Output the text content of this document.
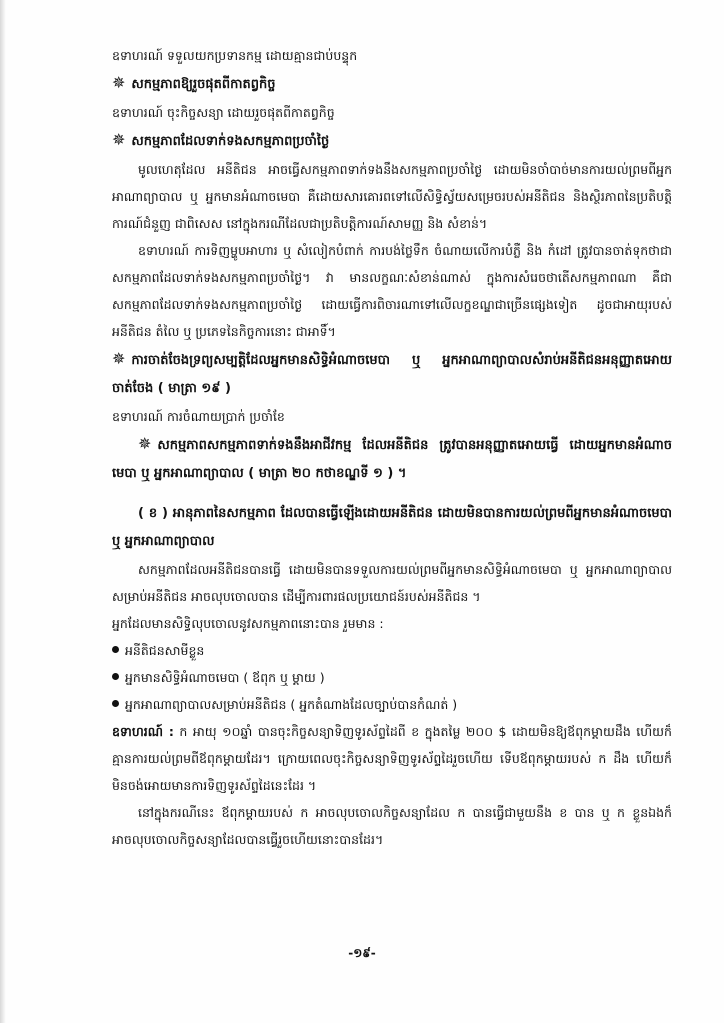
ឧទាហរណ៍ ទទួលយកប្រទានកម្ម ដោយគ្មានជាប់បន្ទុក

✵ សកម្មភាពឱ្យរួចផុតពីកាតព្វកិច្ច

ឧទាហរណ៍ ចុះកិច្ចសន្យា ដោយរួចផុតពីកាតព្វកិច្ច

✵ សកម្មភាពដែលទាក់ទងសកម្មភាពប្រចាំថ្ងៃ

មូលហេតុដែល អនីតិជន អាចធ្វើសកម្មភាពទាក់ទងនឹងសកម្មភាពប្រចាំថ្ងៃ ដោយមិនចាំបាច់មានការយល់ព្រមពីអ្នកអាណាព្យាបាល ឬ អ្នកមានអំណាចមេបា គឺដោយសារគោរពទៅលើសិទ្ធិស្វ័យសម្រេចរបស់អនីតិជន និងស្ថិរភាពនៃប្រតិបត្តិការណ៍ជំនួញ ជាពិសេស នៅក្នុងករណីដែលជាប្រតិបត្តិការណ៍សាមញ្ញ និង សំខាន់។

ឧទាហរណ៍ ការទិញម្ហូបអាហារ ឬ សំលៀកបំពាក់ ការបង់ថ្លៃទឹក ចំណាយលើការបំភ្លឺ និង កំដៅ ត្រូវបានចាត់ទុកថាជា សកម្មភាពដែលទាក់ទងសកម្មភាពប្រចាំថ្ងៃ។ វា មានលក្ខណៈសំខាន់ណាស់ ក្នុងការសំរេចថាតើសកម្មភាពណា គឺជាសកម្មភាពដែលទាក់ទងសកម្មភាពប្រចាំថ្ងៃ ដោយធ្វើការពិចារណាទៅលើលក្ខខណ្ឌជាច្រើនផ្សេងទៀត ដូចជាអាយុរបស់អនីតិជន តំលៃ ឬ ប្រភេទនៃកិច្ចការនោះ ជាអាទិ៍។

✵ ការចាត់ចែងទ្រព្យសម្បត្តិដែលអ្នកមានសិទ្ធិអំណាចមេបា ឬ អ្នកអាណាព្យាបាលសំរាប់អនីតិជនអនុញ្ញាតអោយចាត់ចែង ( មាត្រា ១៩ )

ឧទាហរណ៍ ការចំណាយប្រាក់ ប្រចាំខែ

✵ សកម្មភាពសកម្មភាពទាក់ទងនឹងអាជីវកម្ម ដែលអនីតិជន ត្រូវបានអនុញ្ញាតអោយធ្វើ ដោយអ្នកមានអំណាចមេបា ឬ អ្នកអាណាព្យាបាល ( មាត្រា ២០ កថាខណ្ឌទី ១ ) ។
( ខ ) អានុភាពនៃសកម្មភាព ដែលបានធ្វើឡើងដោយអនីតិជន ដោយមិនបានការយល់ព្រមពីអ្នកមានអំណាចមេបា ឬ អ្នកអាណាព្យាបាល

សកម្មភាពដែលអនីតិជនបានធ្វើ ដោយមិនបានទទួលការយល់ព្រមពីអ្នកមានសិទ្ធិអំណាចមេបា ឬ អ្នកអាណាព្យាបាលសម្រាប់អនីតិជន អាចលុបចោលបាន ដើម្បីការពារផលប្រយោជន៍របស់អនីតិជន ។

អ្នកដែលមានសិទ្ធិលុបចោលនូវសកម្មភាពនោះបាន រួមមាន :

អនីតិជនសាមីខ្លួន
អ្នកមានសិទ្ធិអំណាចមេបា ( ឪពុក ឬ ម្តាយ )
អ្នកអាណាព្យាបាលសម្រាប់អនីតិជន ( អ្នកតំណាងដែលច្បាប់បានកំណត់ )

ឧទាហរណ៍ : ក អាយុ ១០ឆ្នាំ បានចុះកិច្ចសន្យាទិញទូរស័ព្ទដៃពី ខ ក្នុងតម្លៃ ២០០ $ ដោយមិនឱ្យឪពុកម្តាយដឹង ហើយក៏គ្មានការយល់ព្រមពីឪពុកម្តាយដែរ។ ក្រោយពេលចុះកិច្ចសន្យាទិញទូរស័ព្ទដៃរួចហើយ ទើបឪពុកម្តាយរបស់ ក ដឹង ហើយក៏ មិនចង់អោយមានការទិញទូរស័ព្ទដៃនេះដែរ ។

នៅក្នុងករណីនេះ ឪពុកម្តាយរបស់ ក អាចលុបចោលកិច្ចសន្យាដែល ក បានធ្វើជាមួយនឹង ខ បាន ឬ ក ខ្លួនឯងក៏អាចលុបចោលកិច្ចសន្យាដែលបានធ្វើរួចហើយនោះបានដែរ។

-១៩-
